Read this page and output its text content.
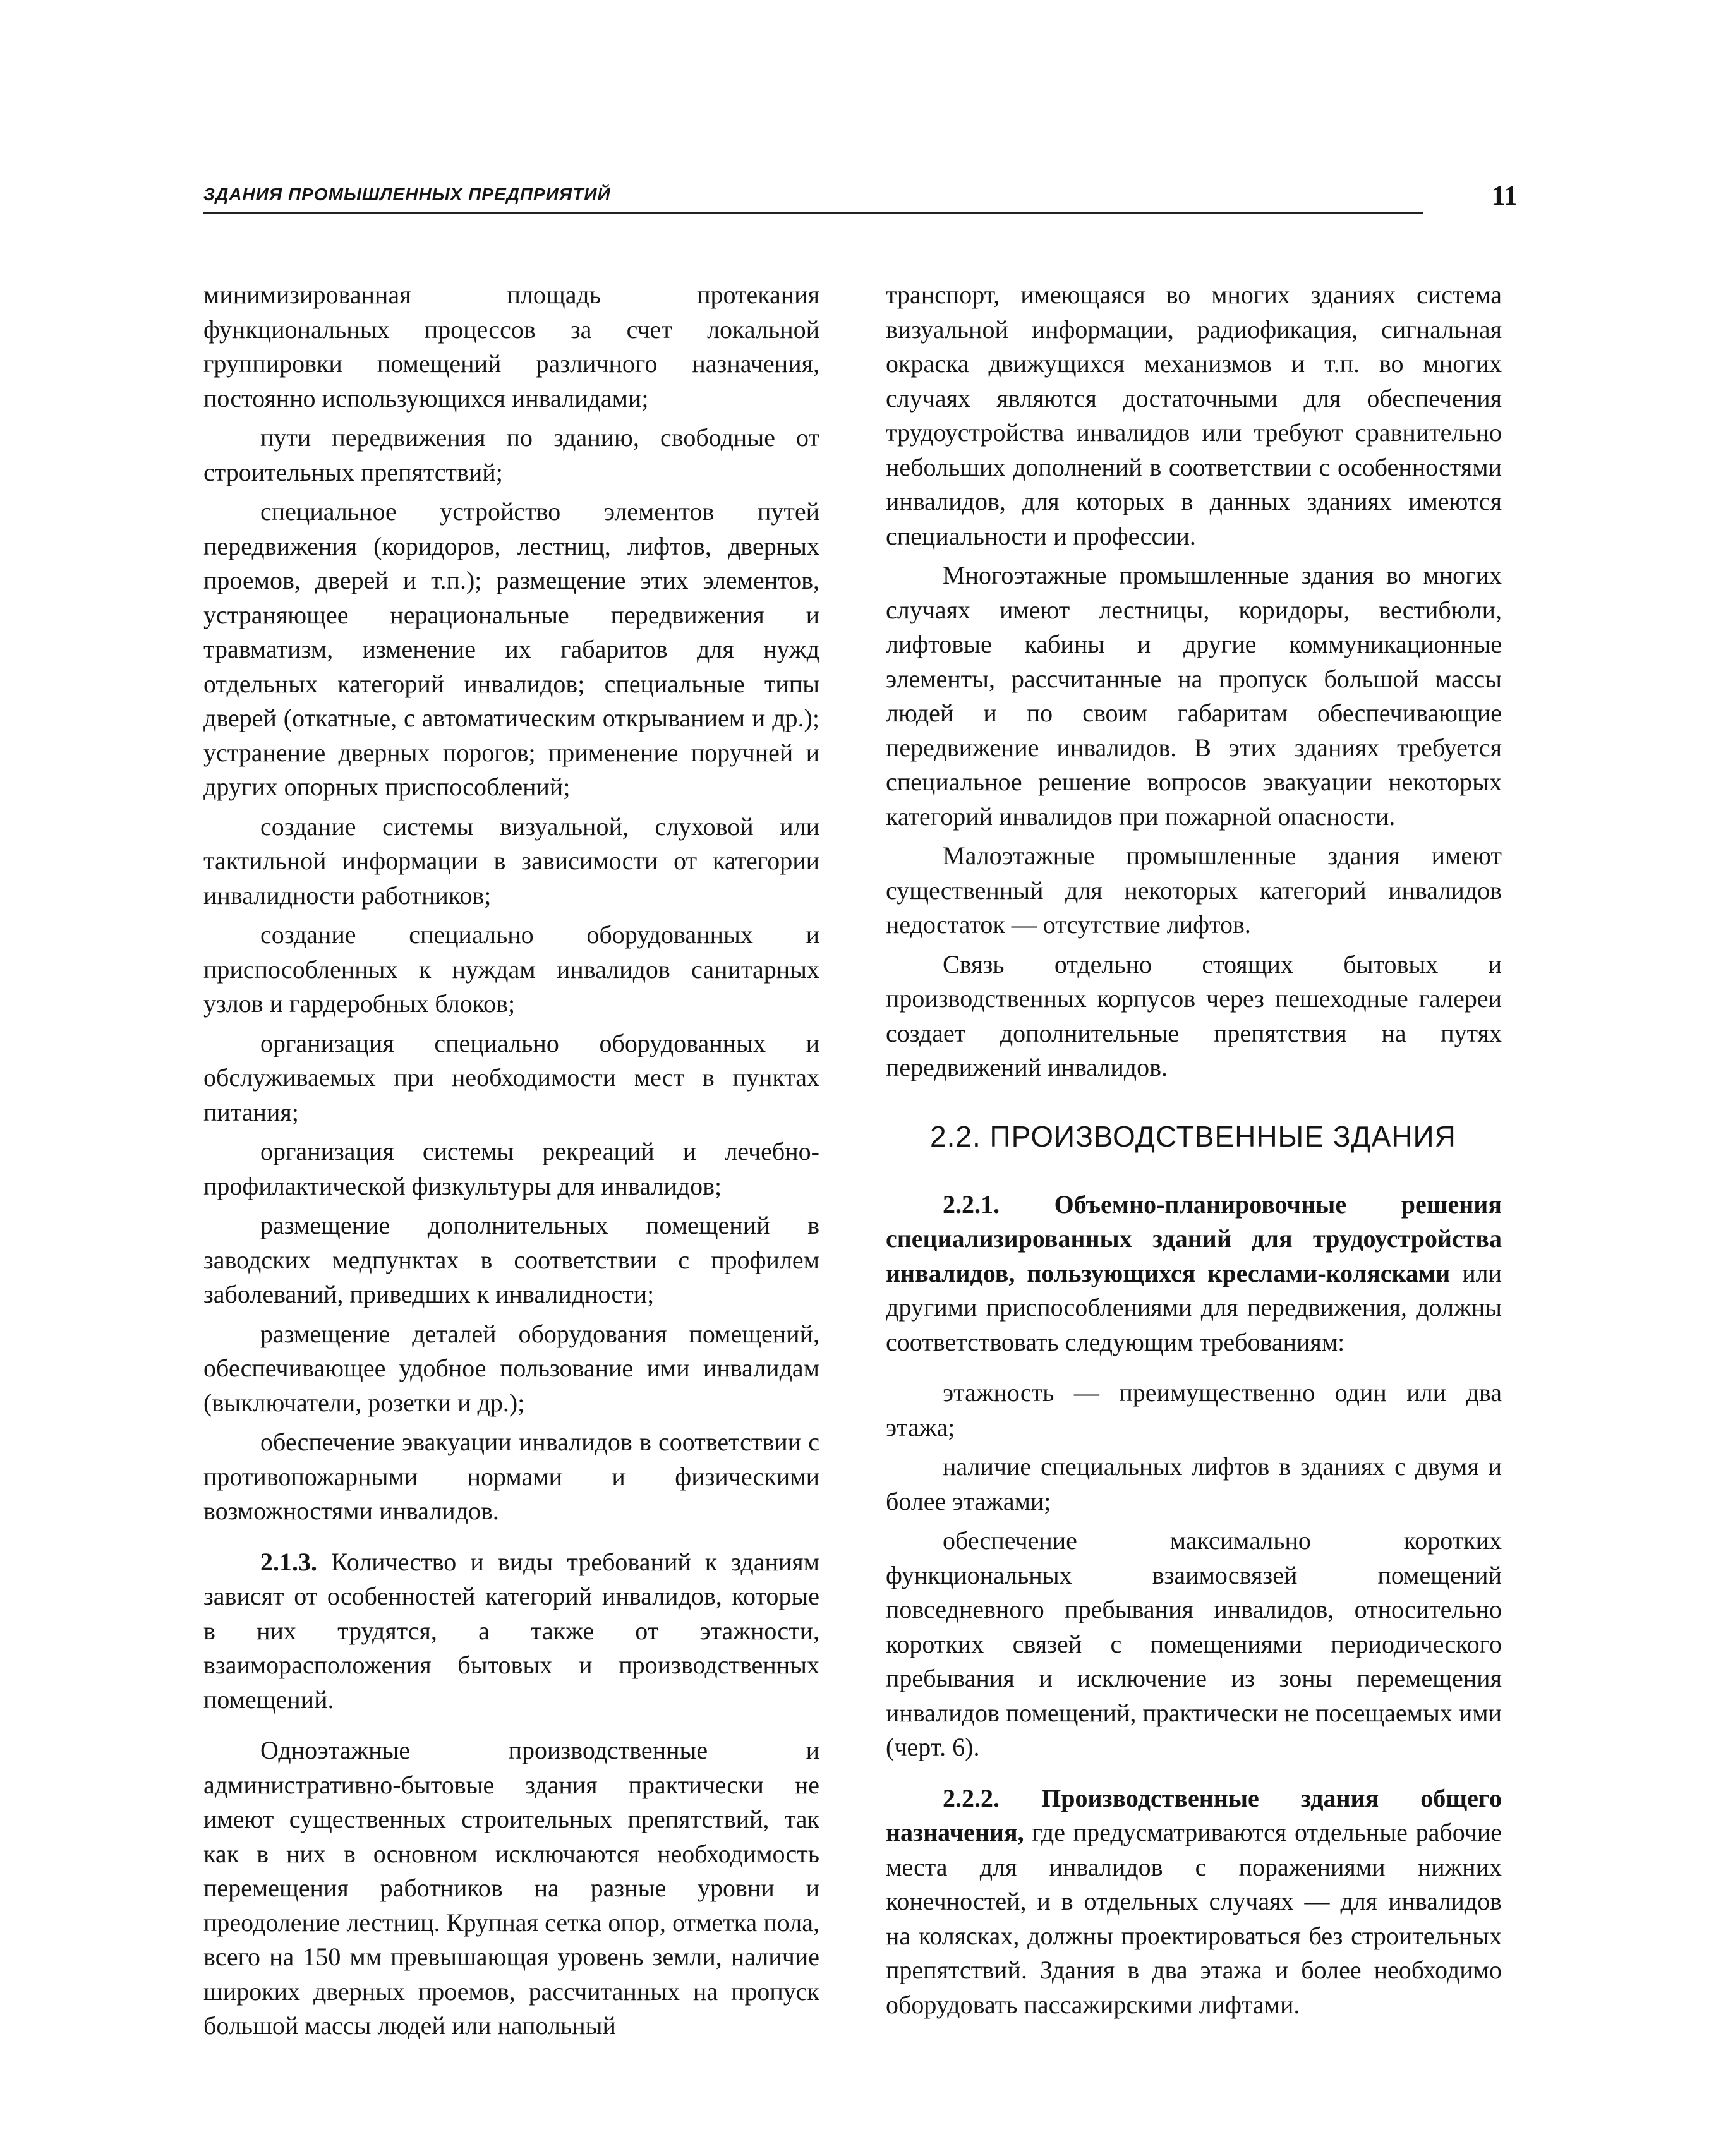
ЗДАНИЯ ПРОМЫШЛЕННЫХ ПРЕДПРИЯТИЙ	11

минимизированная площадь протекания функциональных процессов за счет локальной группировки помещений различного назначения, постоянно использующихся инвалидами;

пути передвижения по зданию, свободные от строительных препятствий;

специальное устройство элементов путей передвижения (коридоров, лестниц, лифтов, дверных проемов, дверей и т.п.); размещение этих элементов, устраняющее нерациональные передвижения и травматизм, изменение их габаритов для нужд отдельных категорий инвалидов; специальные типы дверей (откатные, с автоматическим открыванием и др.); устранение дверных порогов; применение поручней и других опорных приспособлений;

создание системы визуальной, слуховой или тактильной информации в зависимости от категории инвалидности работников;

создание специально оборудованных и приспособленных к нуждам инвалидов санитарных узлов и гардеробных блоков;

организация специально оборудованных и обслуживаемых при необходимости мест в пунктах питания;

организация системы рекреаций и лечебно-профилактической физкультуры для инвалидов;

размещение дополнительных помещений в заводских медпунктах в соответствии с профилем заболеваний, приведших к инвалидности;

размещение деталей оборудования помещений, обеспечивающее удобное пользование ими инвалидам (выключатели, розетки и др.);

обеспечение эвакуации инвалидов в соответствии с противопожарными нормами и физическими возможностями инвалидов.

2.1.3. Количество и виды требований к зданиям зависят от особенностей категорий инвалидов, которые в них трудятся, а также от этажности, взаиморасположения бытовых и производственных помещений.

Одноэтажные производственные и административно-бытовые здания практически не имеют существенных строительных препятствий, так как в них в основном исключаются необходимость перемещения работников на разные уровни и преодоление лестниц. Крупная сетка опор, отметка пола, всего на 150 мм превышающая уровень земли, наличие широких дверных проемов, рассчитанных на пропуск большой массы людей или напольный

транспорт, имеющаяся во многих зданиях система визуальной информации, радиофикация, сигнальная окраска движущихся механизмов и т.п. во многих случаях являются достаточными для обеспечения трудоустройства инвалидов или требуют сравнительно небольших дополнений в соответствии с особенностями инвалидов, для которых в данных зданиях имеются специальности и профессии.

Многоэтажные промышленные здания во многих случаях имеют лестницы, коридоры, вестибюли, лифтовые кабины и другие коммуникационные элементы, рассчитанные на пропуск большой массы людей и по своим габаритам обеспечивающие передвижение инвалидов. В этих зданиях требуется специальное решение вопросов эвакуации некоторых категорий инвалидов при пожарной опасности.

Малоэтажные промышленные здания имеют существенный для некоторых категорий инвалидов недостаток — отсутствие лифтов.

Связь отдельно стоящих бытовых и производственных корпусов через пешеходные галереи создает дополнительные препятствия на путях передвижений инвалидов.

2.2. ПРОИЗВОДСТВЕННЫЕ ЗДАНИЯ

2.2.1. Объемно-планировочные решения специализированных зданий для трудоустройства инвалидов, пользующихся креслами-колясками или другими приспособлениями для передвижения, должны соответствовать следующим требованиям:

этажность — преимущественно один или два этажа;

наличие специальных лифтов в зданиях с двумя и более этажами;

обеспечение максимально коротких функциональных взаимосвязей помещений повседневного пребывания инвалидов, относительно коротких связей с помещениями периодического пребывания и исключение из зоны перемещения инвалидов помещений, практически не посещаемых ими (черт. 6).

2.2.2. Производственные здания общего назначения, где предусматриваются отдельные рабочие места для инвалидов с поражениями нижних конечностей, и в отдельных случаях — для инвалидов на колясках, должны проектироваться без строительных препятствий. Здания в два этажа и более необходимо оборудовать пассажирскими лифтами.
